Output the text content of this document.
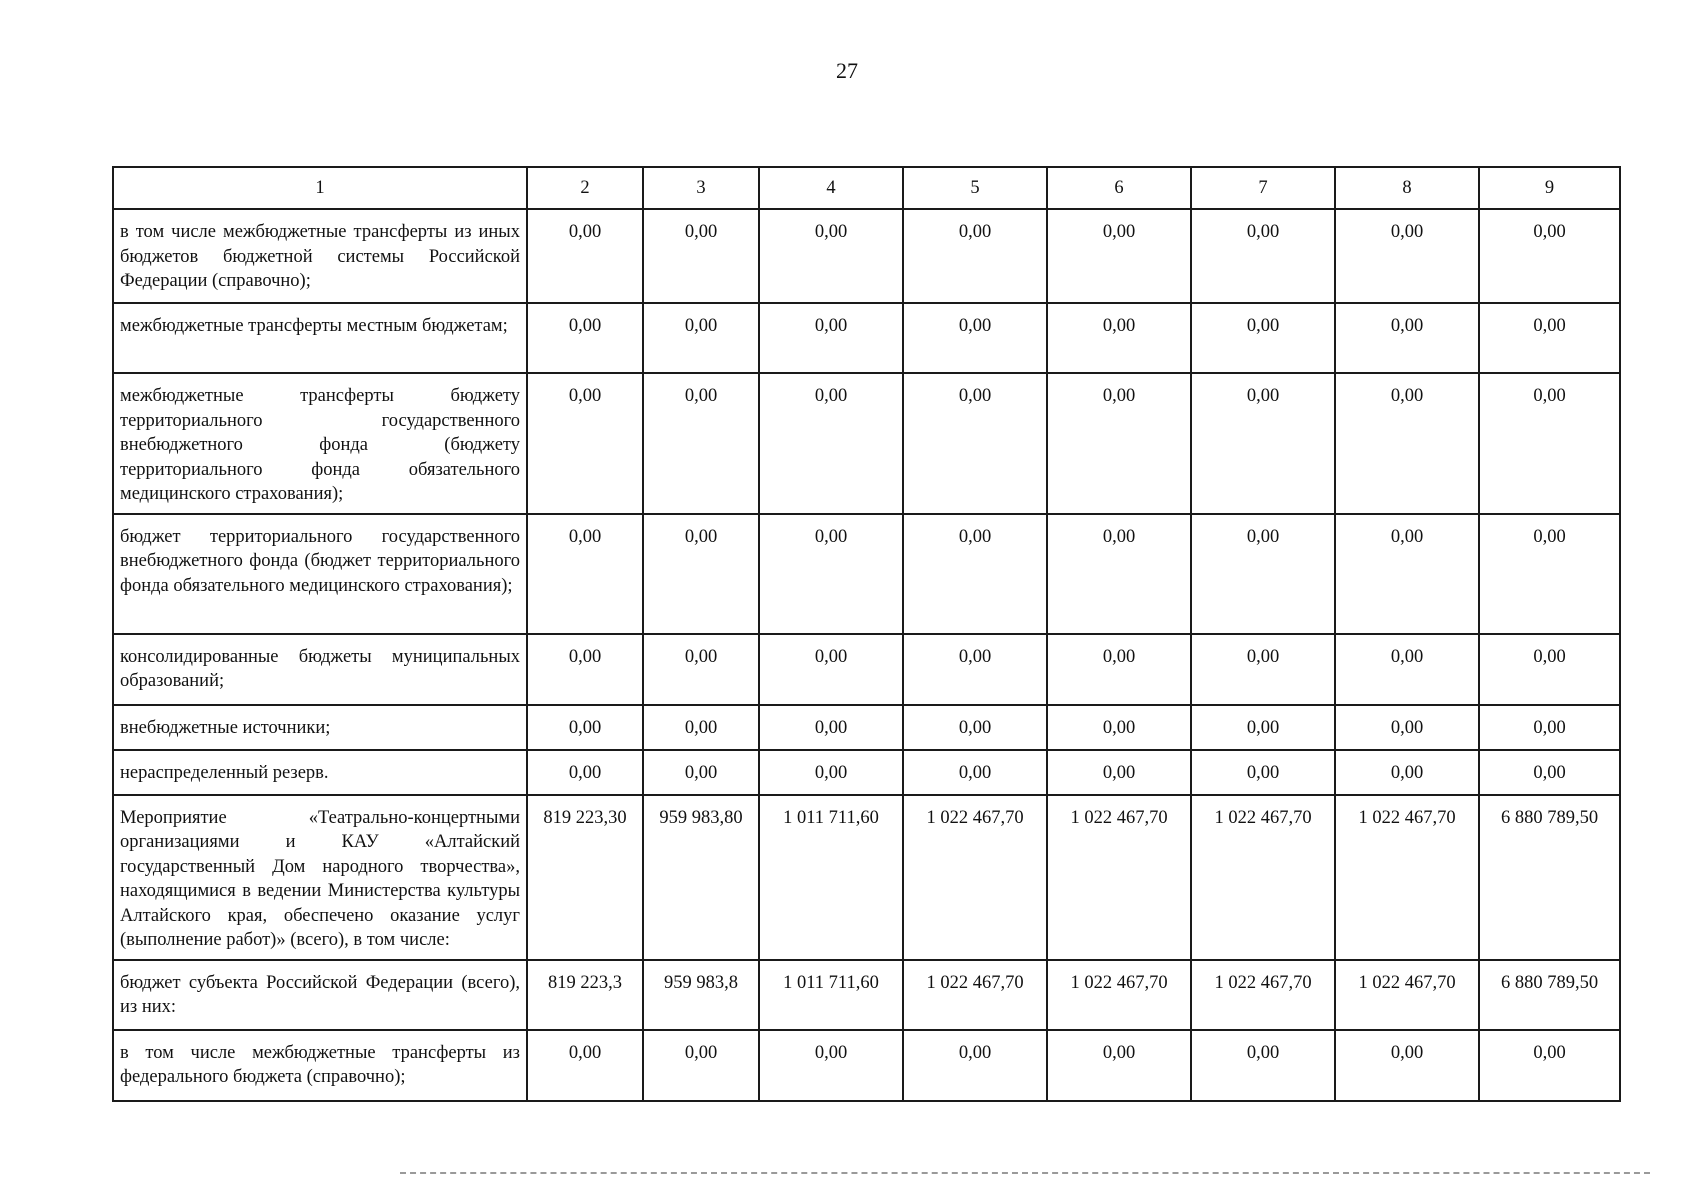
27
1	2	3	4	5	6	7	8	9
в том числе межбюджетные трансферты из иных бюджетов бюджетной системы Российской Федерации (справочно);	0,00	0,00	0,00	0,00	0,00	0,00	0,00	0,00
межбюджетные трансферты местным бюджетам;	0,00	0,00	0,00	0,00	0,00	0,00	0,00	0,00
межбюджетные трансферты бюджету территориального государственного внебюджетного фонда (бюджету территориального фонда обязательного медицинского страхования);	0,00	0,00	0,00	0,00	0,00	0,00	0,00	0,00
бюджет территориального государственного внебюджетного фонда (бюджет территориального фонда обязательного медицинского страхования);	0,00	0,00	0,00	0,00	0,00	0,00	0,00	0,00
консолидированные бюджеты муниципальных образований;	0,00	0,00	0,00	0,00	0,00	0,00	0,00	0,00
внебюджетные источники;	0,00	0,00	0,00	0,00	0,00	0,00	0,00	0,00
нераспределенный резерв.	0,00	0,00	0,00	0,00	0,00	0,00	0,00	0,00
Мероприятие «Театрально-концертными организациями и КАУ «Алтайский государственный Дом народного творчества», находящимися в ведении Министерства культуры Алтайского края, обеспечено оказание услуг (выполнение работ)» (всего), в том числе:	819 223,30	959 983,80	1 011 711,60	1 022 467,70	1 022 467,70	1 022 467,70	1 022 467,70	6 880 789,50
бюджет субъекта Российской Федерации (всего), из них:	819 223,3	959 983,8	1 011 711,60	1 022 467,70	1 022 467,70	1 022 467,70	1 022 467,70	6 880 789,50
в том числе межбюджетные трансферты из федерального бюджета (справочно);	0,00	0,00	0,00	0,00	0,00	0,00	0,00	0,00
